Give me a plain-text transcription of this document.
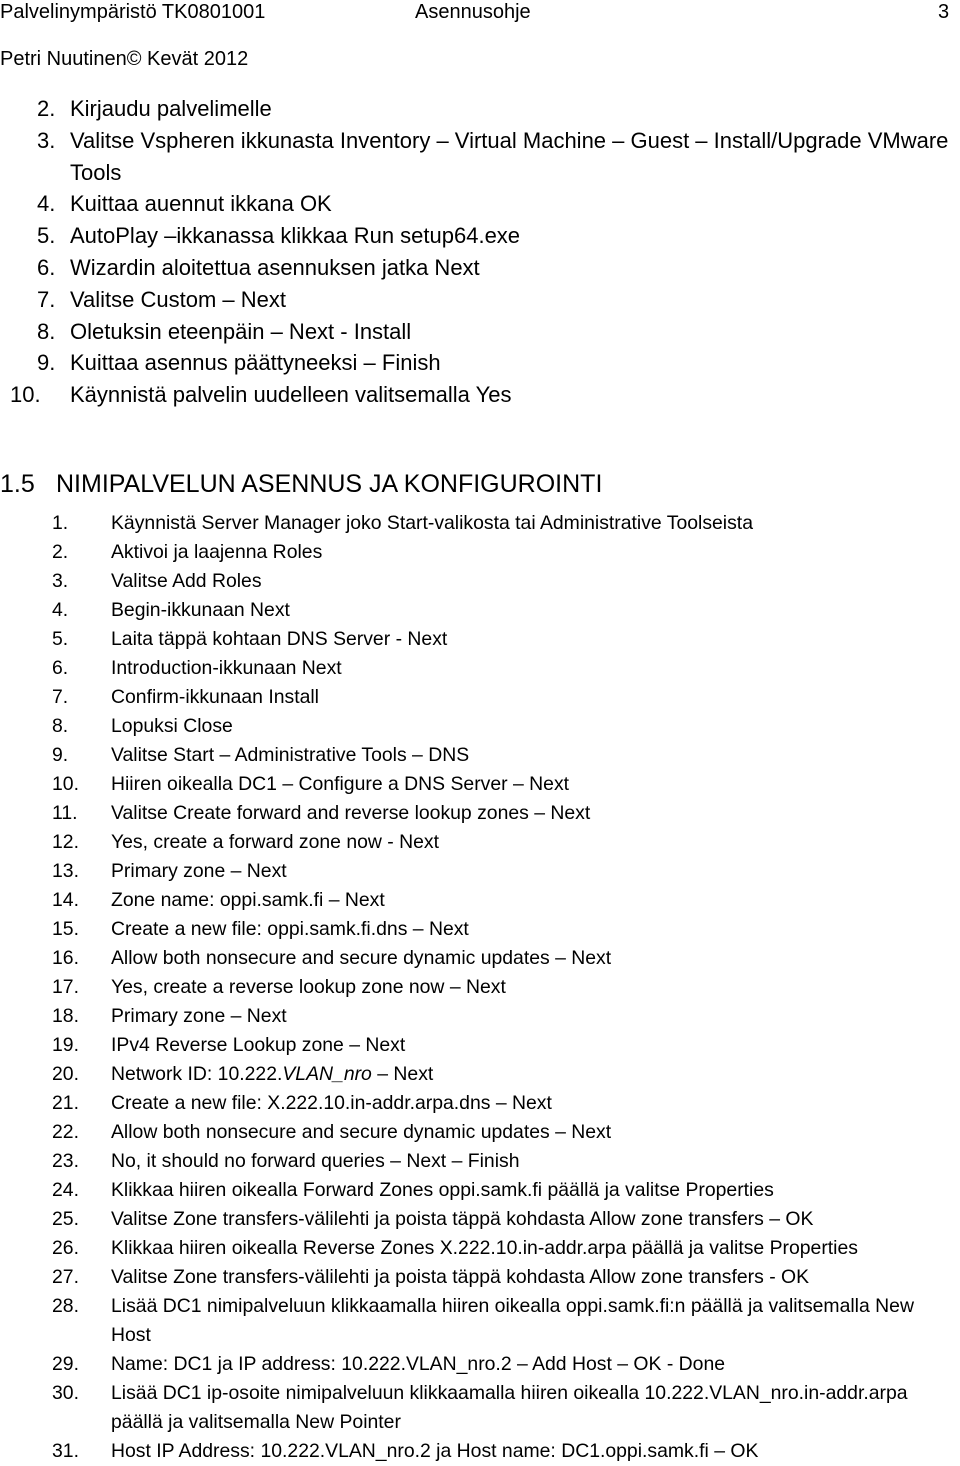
Palvelinympäristö TK0801001	Asennusohje	3
Petri Nuutinen© Kevät 2012
2. Kirjaudu palvelimelle
3. Valitse Vspheren ikkunasta Inventory – Virtual Machine – Guest – Install/Upgrade VMware Tools
4. Kuittaa auennut ikkana OK
5. AutoPlay –ikkanassa klikkaa Run setup64.exe
6. Wizardin aloitettua asennuksen jatka Next
7. Valitse Custom – Next
8. Oletuksin eteenpäin – Next - Install
9. Kuittaa asennus päättyneeksi – Finish
10. Käynnistä palvelin uudelleen valitsemalla Yes
1.5 NIMIPALVELUN ASENNUS JA KONFIGUROINTI
1. Käynnistä Server Manager joko Start-valikosta tai Administrative Toolseista
2. Aktivoi ja laajenna Roles
3. Valitse Add Roles
4. Begin-ikkunaan Next
5. Laita täppä kohtaan DNS Server - Next
6. Introduction-ikkunaan Next
7. Confirm-ikkunaan Install
8. Lopuksi Close
9. Valitse Start – Administrative Tools – DNS
10. Hiiren oikealla DC1 – Configure a DNS Server – Next
11. Valitse Create forward and reverse lookup zones – Next
12. Yes, create a forward zone now - Next
13. Primary zone – Next
14. Zone name: oppi.samk.fi – Next
15. Create a new file: oppi.samk.fi.dns – Next
16. Allow both nonsecure and secure dynamic updates – Next
17. Yes, create a reverse lookup zone now – Next
18. Primary zone – Next
19. IPv4 Reverse Lookup zone – Next
20. Network ID: 10.222.VLAN_nro – Next
21. Create a new file: X.222.10.in-addr.arpa.dns – Next
22. Allow both nonsecure and secure dynamic updates – Next
23. No, it should no forward queries – Next – Finish
24. Klikkaa hiiren oikealla Forward Zones oppi.samk.fi päällä ja valitse Properties
25. Valitse Zone transfers-välilehti ja poista täppä kohdasta Allow zone transfers – OK
26. Klikkaa hiiren oikealla Reverse Zones X.222.10.in-addr.arpa päällä ja valitse Properties
27. Valitse Zone transfers-välilehti ja poista täppä kohdasta Allow zone transfers - OK
28. Lisää DC1 nimipalveluun klikkaamalla hiiren oikealla oppi.samk.fi:n päällä ja valitsemalla New Host
29. Name: DC1 ja IP address: 10.222.VLAN_nro.2 – Add Host – OK - Done
30. Lisää DC1 ip-osoite nimipalveluun klikkaamalla hiiren oikealla 10.222.VLAN_nro.in-addr.arpa päällä ja valitsemalla New Pointer
31. Host IP Address: 10.222.VLAN_nro.2 ja Host name: DC1.oppi.samk.fi – OK
